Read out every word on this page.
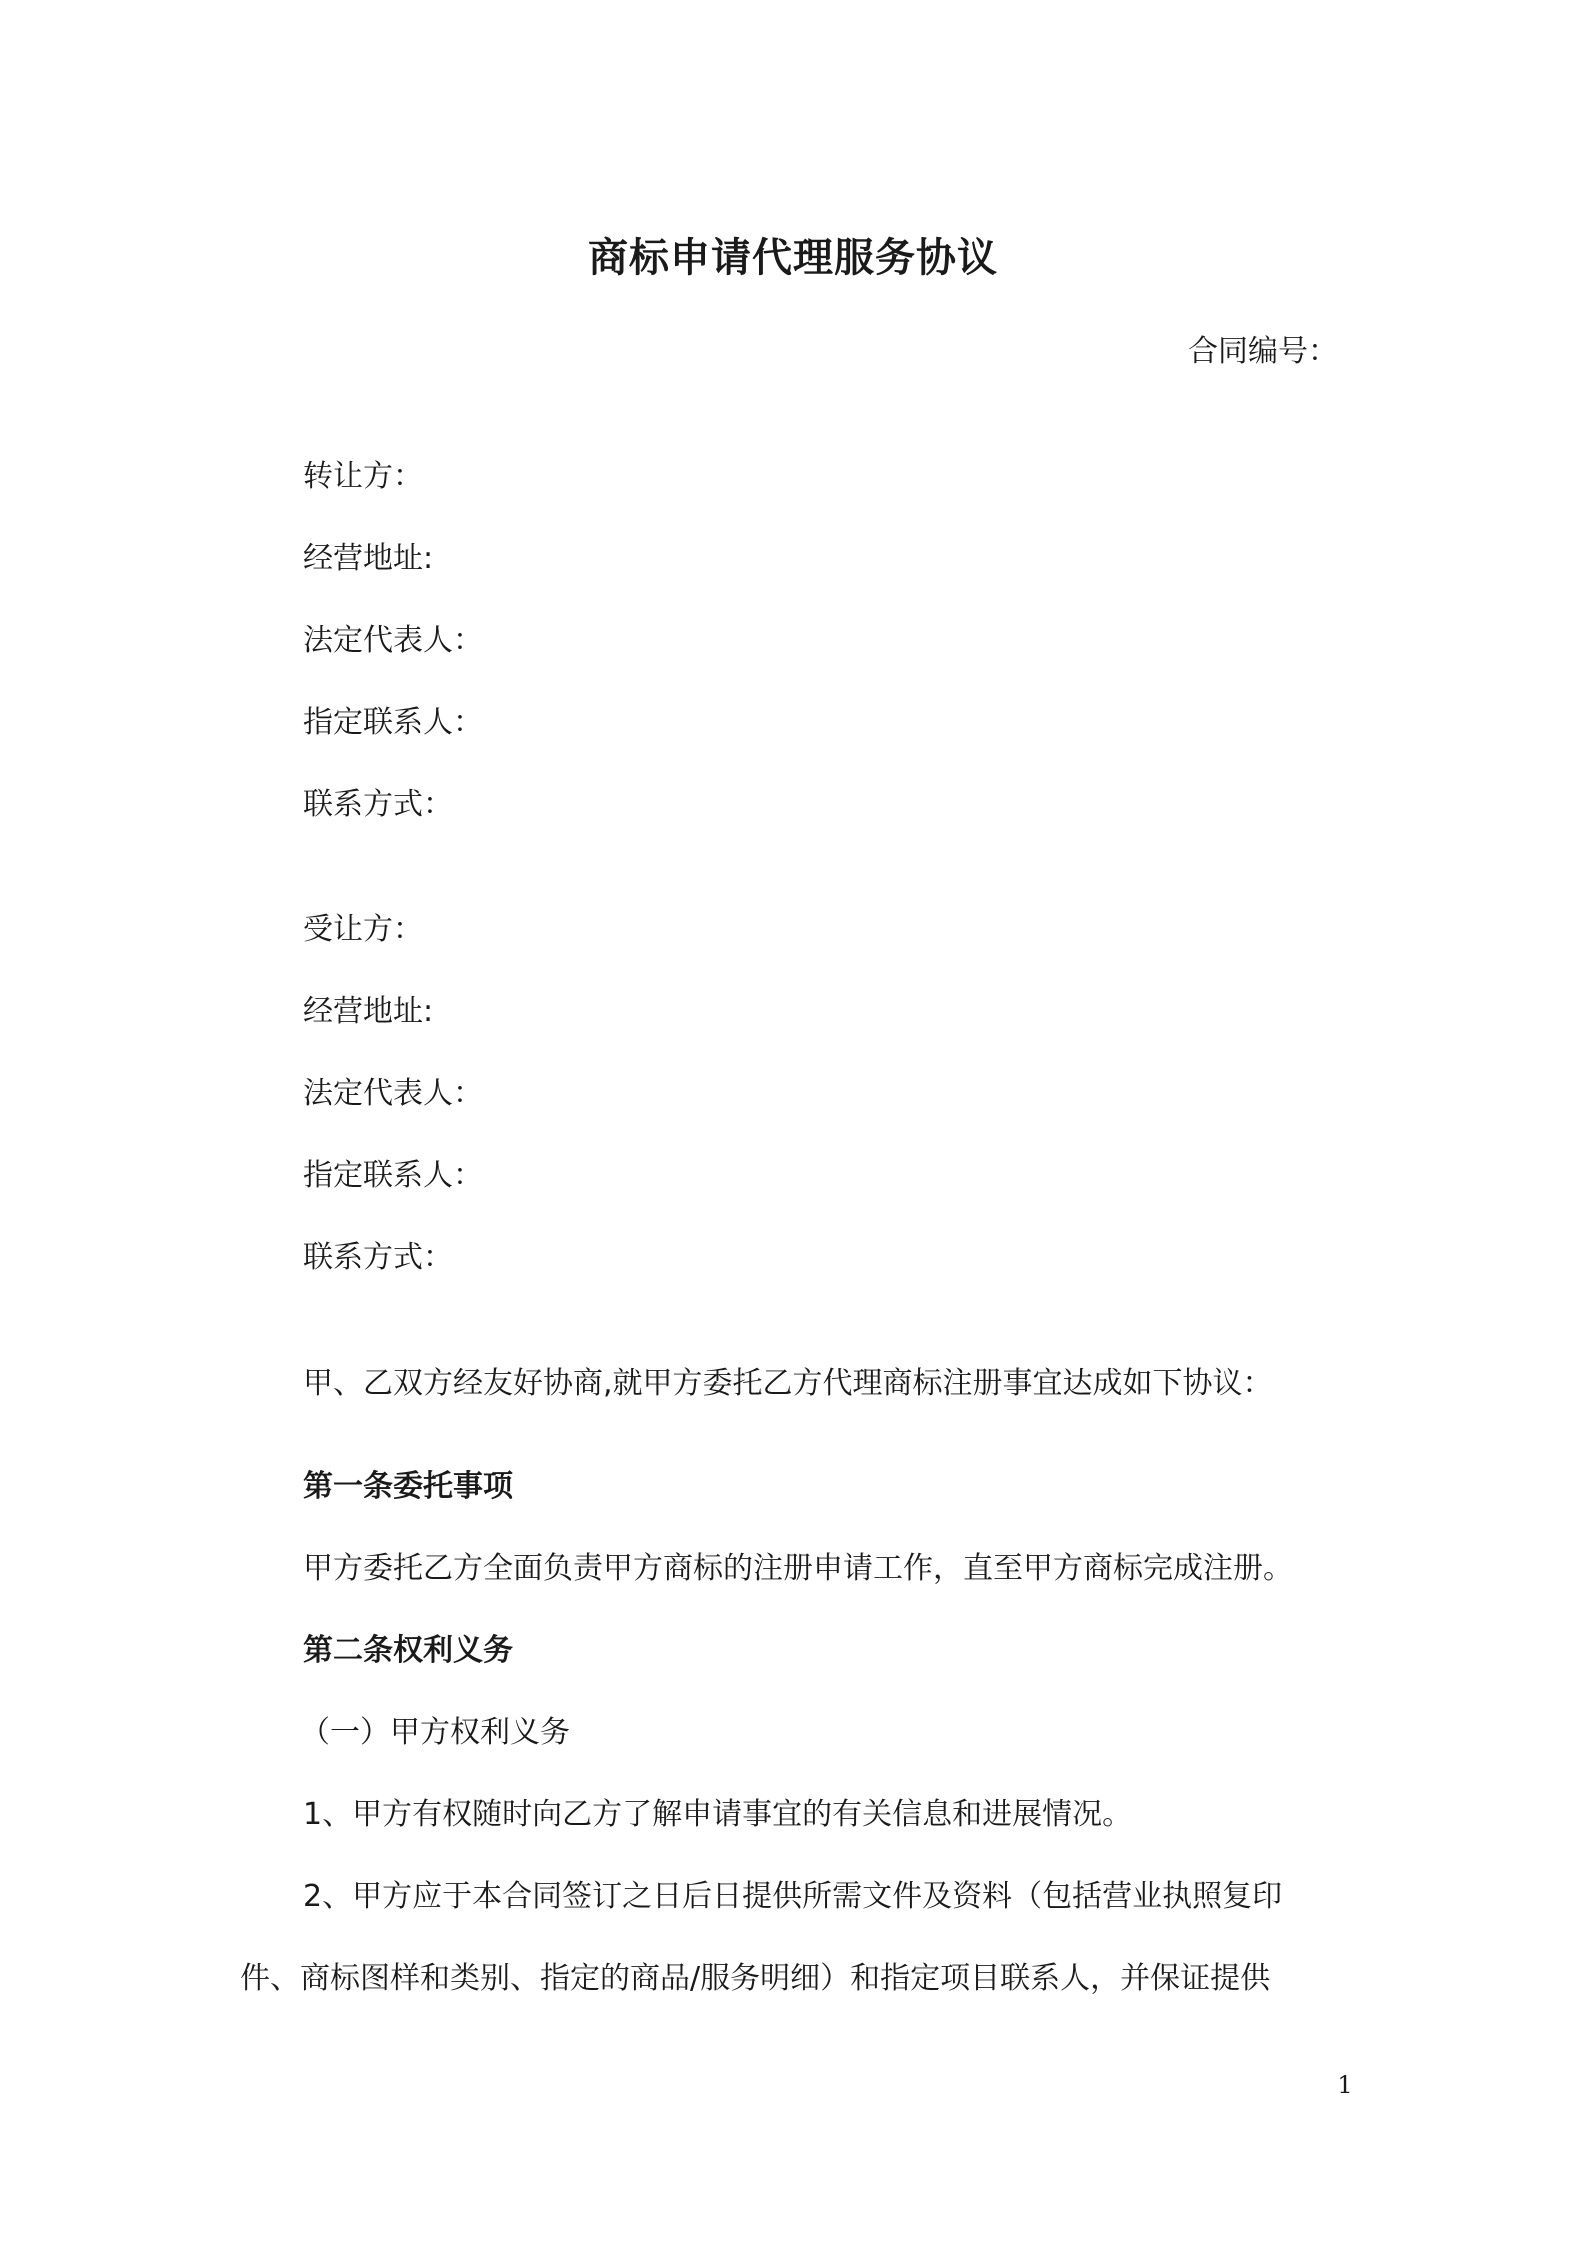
商标申请代理服务协议
合同编号：
转让方：
经营地址:
法定代表人：
指定联系人：
联系方式：
受让方：
经营地址:
法定代表人：
指定联系人：
联系方式：
甲、乙双方经友好协商,就甲方委托乙方代理商标注册事宜达成如下协议：
第一条委托事项
甲方委托乙方全面负责甲方商标的注册申请工作，直至甲方商标完成注册。
第二条权利义务
（一）甲方权利义务
1、甲方有权随时向乙方了解申请事宜的有关信息和进展情况。
2、甲方应于本合同签订之日后日提供所需文件及资料（包括营业执照复印
件、商标图样和类别、指定的商品/服务明细）和指定项目联系人，并保证提供
1
